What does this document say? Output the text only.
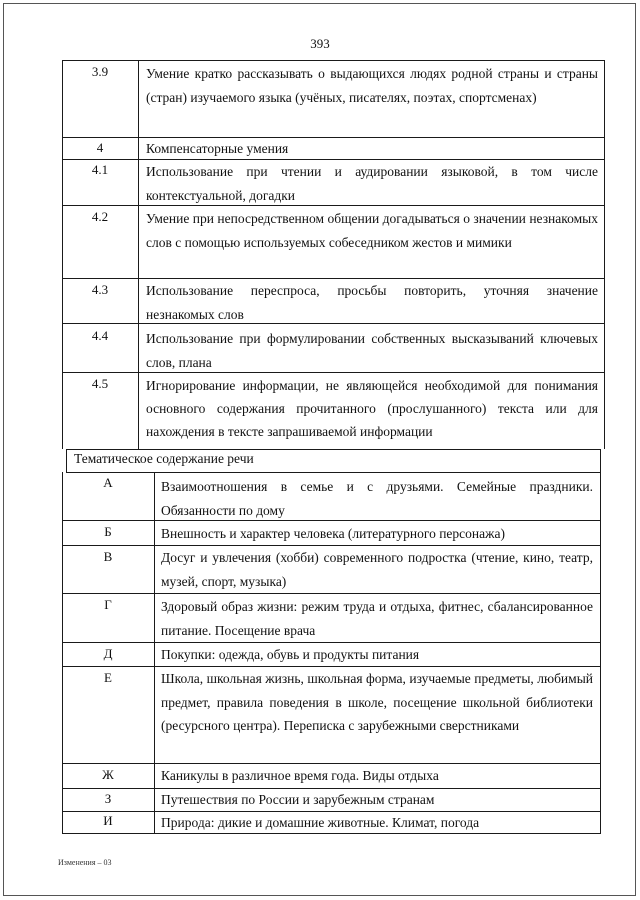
393
3.9	Умение кратко рассказывать о выдающихся людях родной страны и страны (стран) изучаемого языка (учёных, писателях, поэтах, спортсменах)
4	Компенсаторные умения
4.1	Использование при чтении и аудировании языковой, в том числе контекстуальной, догадки
4.2	Умение при непосредственном общении догадываться о значении незнакомых слов с помощью используемых собеседником жестов и мимики
4.3	Использование переспроса, просьбы повторить, уточняя значение незнакомых слов
4.4	Использование при формулировании собственных высказываний ключевых слов, плана
4.5	Игнорирование информации, не являющейся необходимой для понимания основного содержания прочитанного (прослушанного) текста или для нахождения в тексте запрашиваемой информации
Тематическое содержание речи
А	Взаимоотношения в семье и с друзьями. Семейные праздники. Обязанности по дому
Б	Внешность и характер человека (литературного персонажа)
В	Досуг и увлечения (хобби) современного подростка (чтение, кино, театр, музей, спорт, музыка)
Г	Здоровый образ жизни: режим труда и отдыха, фитнес, сбалансированное питание. Посещение врача
Д	Покупки: одежда, обувь и продукты питания
Е	Школа, школьная жизнь, школьная форма, изучаемые предметы, любимый предмет, правила поведения в школе, посещение школьной библиотеки (ресурсного центра). Переписка с зарубежными сверстниками
Ж	Каникулы в различное время года. Виды отдыха
З	Путешествия по России и зарубежным странам
И	Природа: дикие и домашние животные. Климат, погода
Изменения – 03
